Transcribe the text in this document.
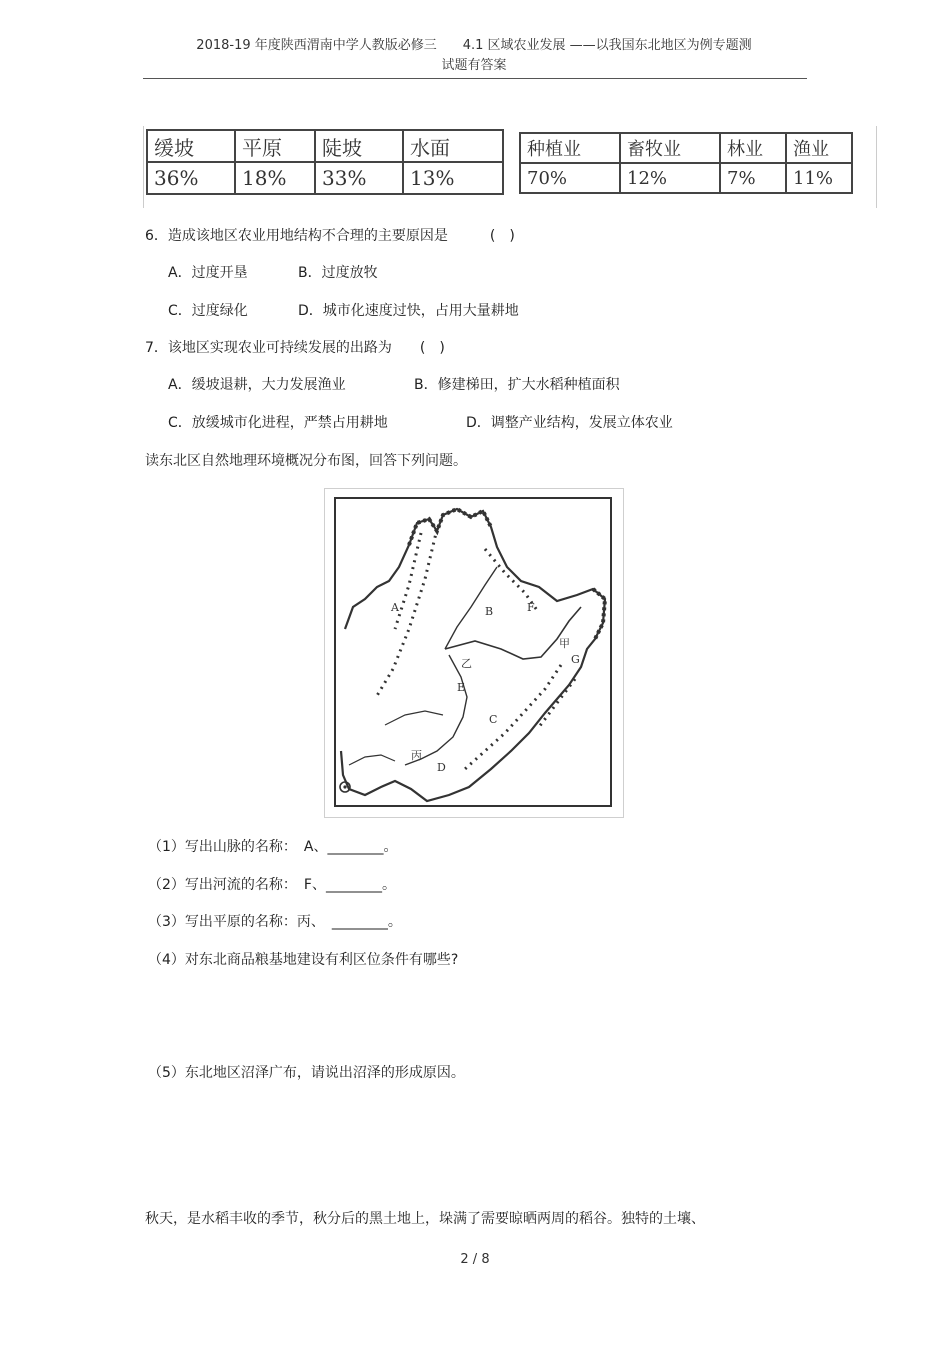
2018-19 年度陕西渭南中学人教版必修三　　4.1 区域农业发展 ——以我国东北地区为例专题测
试题有答案
缓坡	平原	陡坡	水面
36%	18%	33%	13%
种植业	畜牧业	林业	渔业
70%	12%	7%	11%
6．造成该地区农业用地结构不合理的主要原因是　　　(　)
A．过度开垦	B．过度放牧
C．过度绿化	D．城市化速度过快，占用大量耕地
7．该地区实现农业可持续发展的出路为　　(　)
A．缓坡退耕，大力发展渔业	B．修建梯田，扩大水稻种植面积
C．放缓城市化进程，严禁占用耕地	D．调整产业结构，发展立体农业
读东北区自然地理环境概况分布图，回答下列问题。
A	B	F
甲
G
乙
E
C
丙
D
（1）写出山脉的名称：　A、________。
（2）写出河流的名称：　F、________。
（3）写出平原的名称：丙、　________。
（4）对东北商品粮基地建设有利区位条件有哪些?
（5）东北地区沼泽广布，请说出沼泽的形成原因。
秋天，是水稻丰收的季节，秋分后的黑土地上，垛满了需要晾晒两周的稻谷。独特的土壤、
2 / 8
